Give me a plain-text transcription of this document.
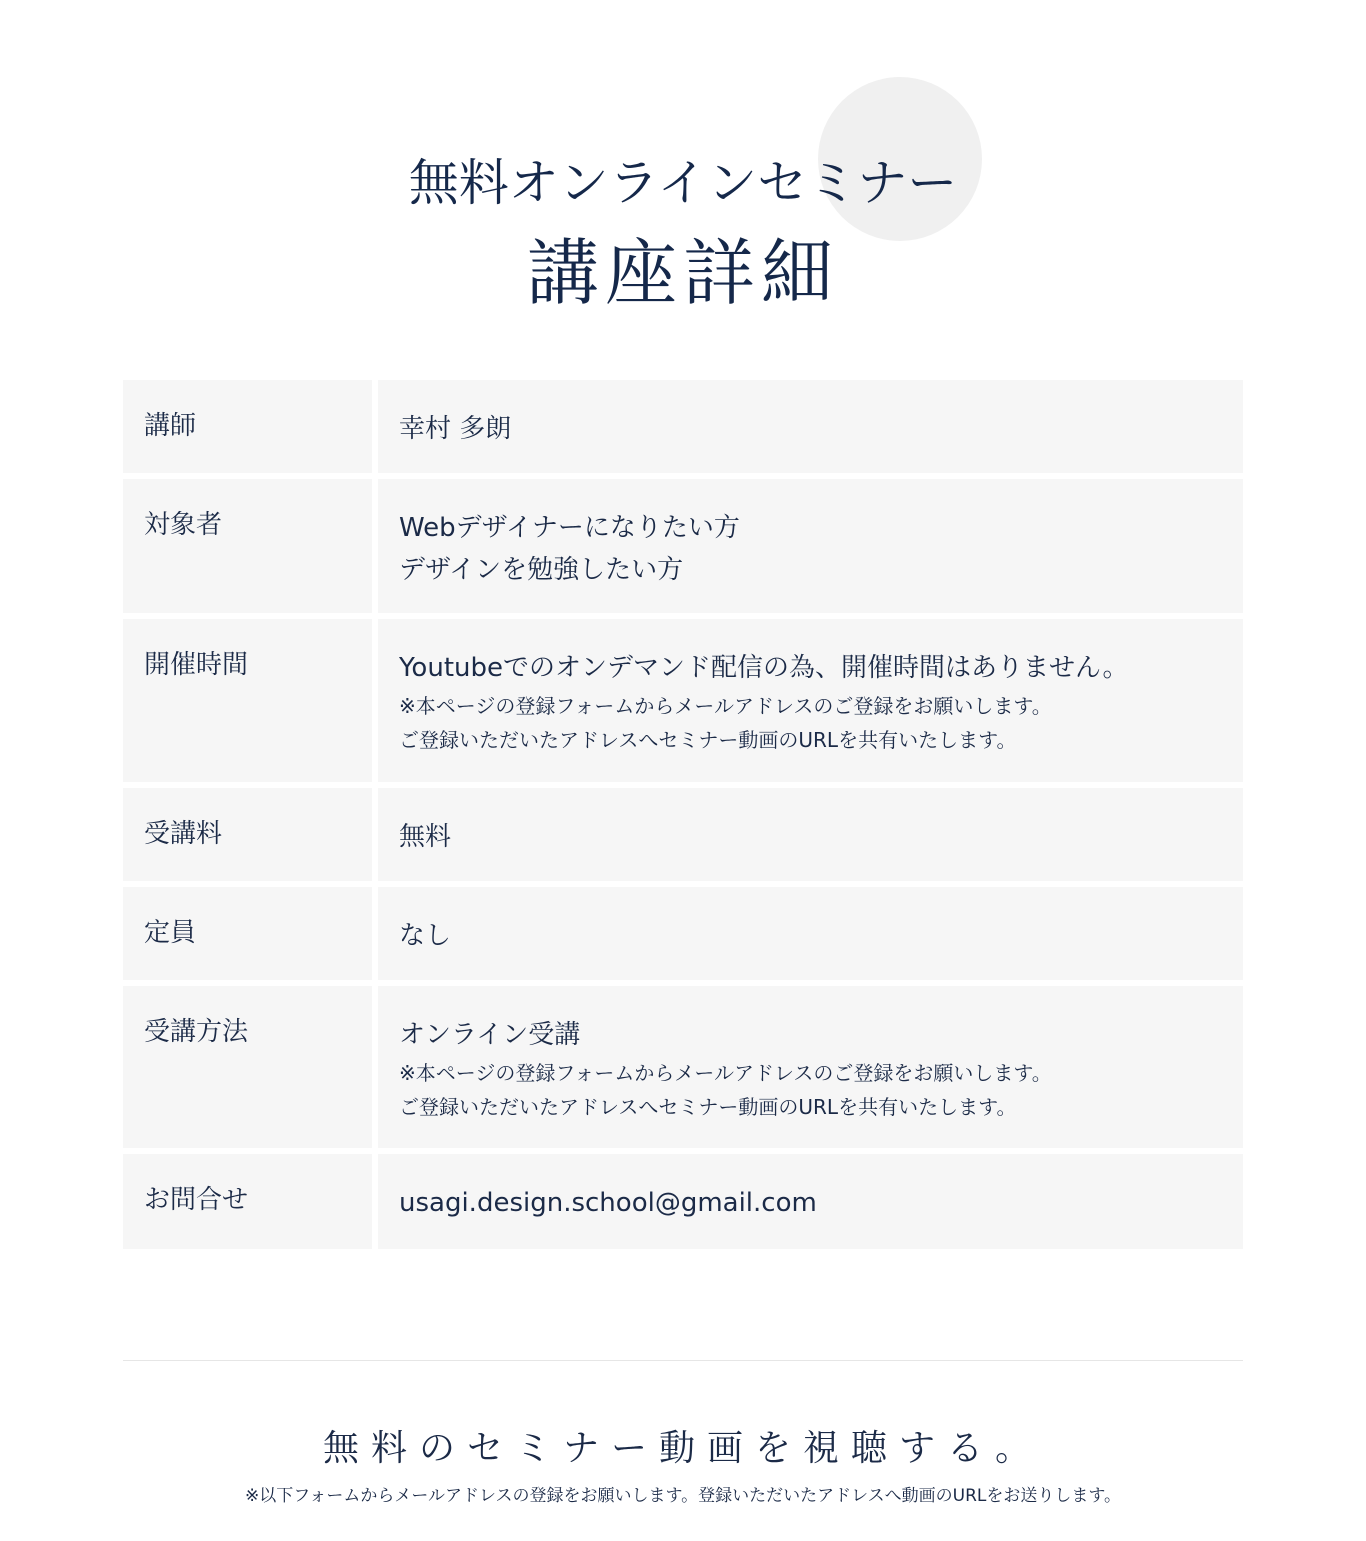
無料オンラインセミナー
講座詳細
講師	幸村 多朗
対象者	Webデザイナーになりたい方
デザインを勉強したい方
開催時間	Youtubeでのオンデマンド配信の為、開催時間はありません。
※本ページの登録フォームからメールアドレスのご登録をお願いします。
ご登録いただいたアドレスへセミナー動画のURLを共有いたします。
受講料	無料
定員	なし
受講方法	オンライン受講
※本ページの登録フォームからメールアドレスのご登録をお願いします。
ご登録いただいたアドレスへセミナー動画のURLを共有いたします。
お問合せ	usagi.design.school@gmail.com
無料のセミナー動画を視聴する。
※以下フォームからメールアドレスの登録をお願いします。登録いただいたアドレスへ動画のURLをお送りします。
